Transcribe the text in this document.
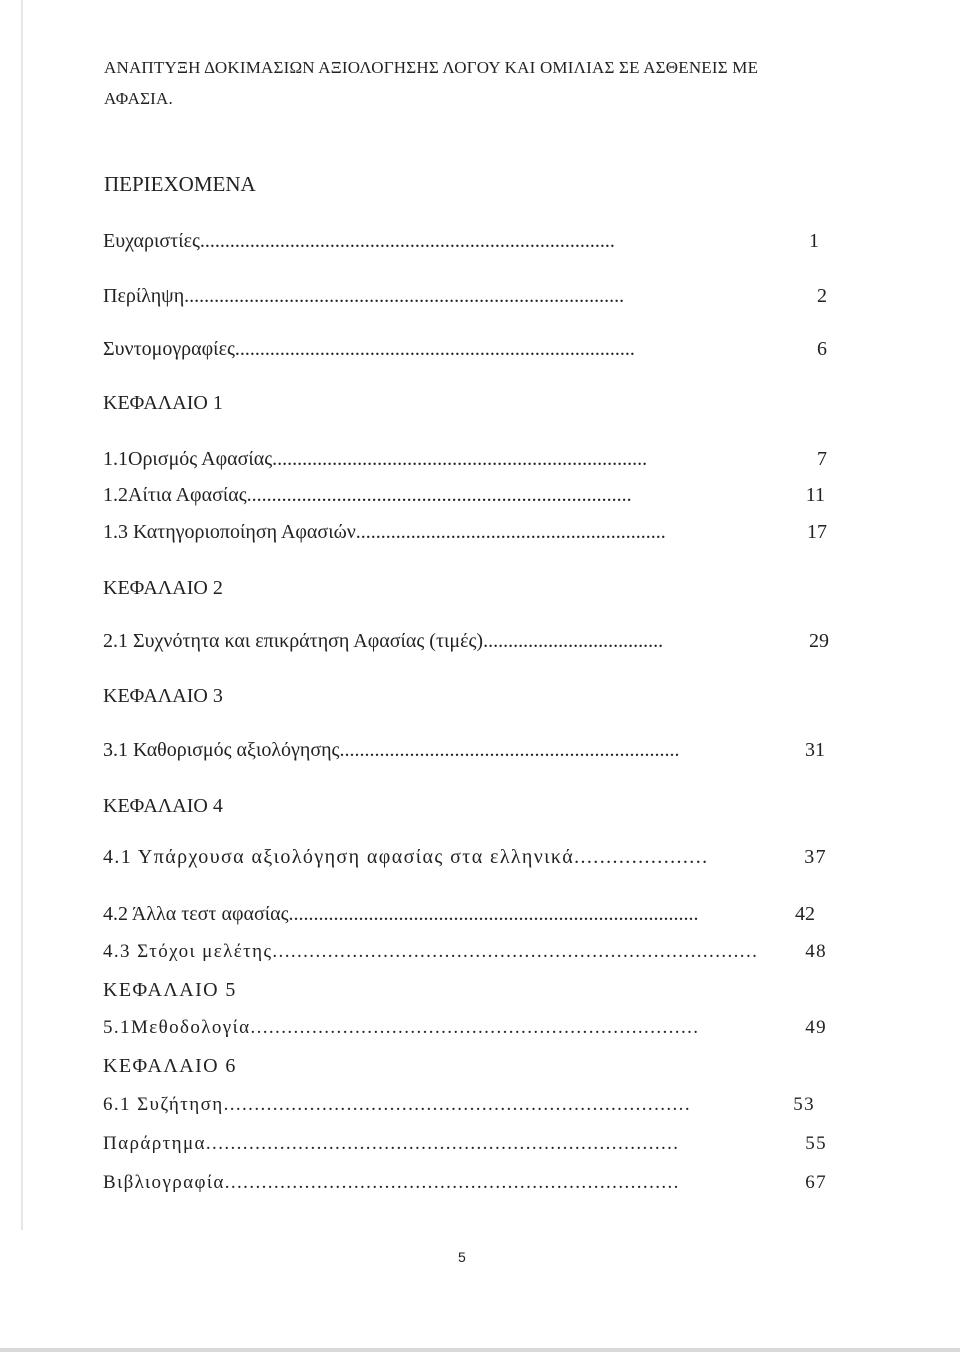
ΑΝΑΠΤΥΞΗ ΔΟΚΙΜΑΣΙΩΝ ΑΞΙΟΛΟΓΗΣΗΣ ΛΟΓΟΥ ΚΑΙ ΟΜΙΛΙΑΣ ΣΕ ΑΣΘΕΝΕΙΣ ΜΕ
ΑΦΑΣΙΑ.
ΠΕΡΙΕΧΟΜΕΝΑ
Ευχαριστίες ...................................................................................	1
Περίληψη ........................................................................................	2
Συντομογραφίες ................................................................................	6
ΚΕΦΑΛΑΙΟ 1
1.1Ορισμός Αφασίας ...........................................................................	7
1.2Αίτια Αφασίας .............................................................................	11
1.3 Κατηγοριοποίηση Αφασιών ..............................................................	17
ΚΕΦΑΛΑΙΟ 2
2.1 Συχνότητα και επικράτηση Αφασίας (τιμές) ....................................	29
ΚΕΦΑΛΑΙΟ 3
3.1 Καθορισμός αξιολόγησης ....................................................................	31
ΚΕΦΑΛΑΙΟ 4
4.1 Υπάρχουσα αξιολόγηση αφασίας στα ελληνικά .....................	37
4.2 Άλλα τεστ αφασίας ..................................................................................	42
4.3 Στόχοι μελέτης ...............................................................................	48
ΚΕΦΑΛΑΙΟ 5
5.1Μεθοδολογία .........................................................................	49
ΚΕΦΑΛΑΙΟ 6
6.1 Συζήτηση ............................................................................	53
Παράρτημα .............................................................................	55
Βιβλιογραφία ..........................................................................	67
5
